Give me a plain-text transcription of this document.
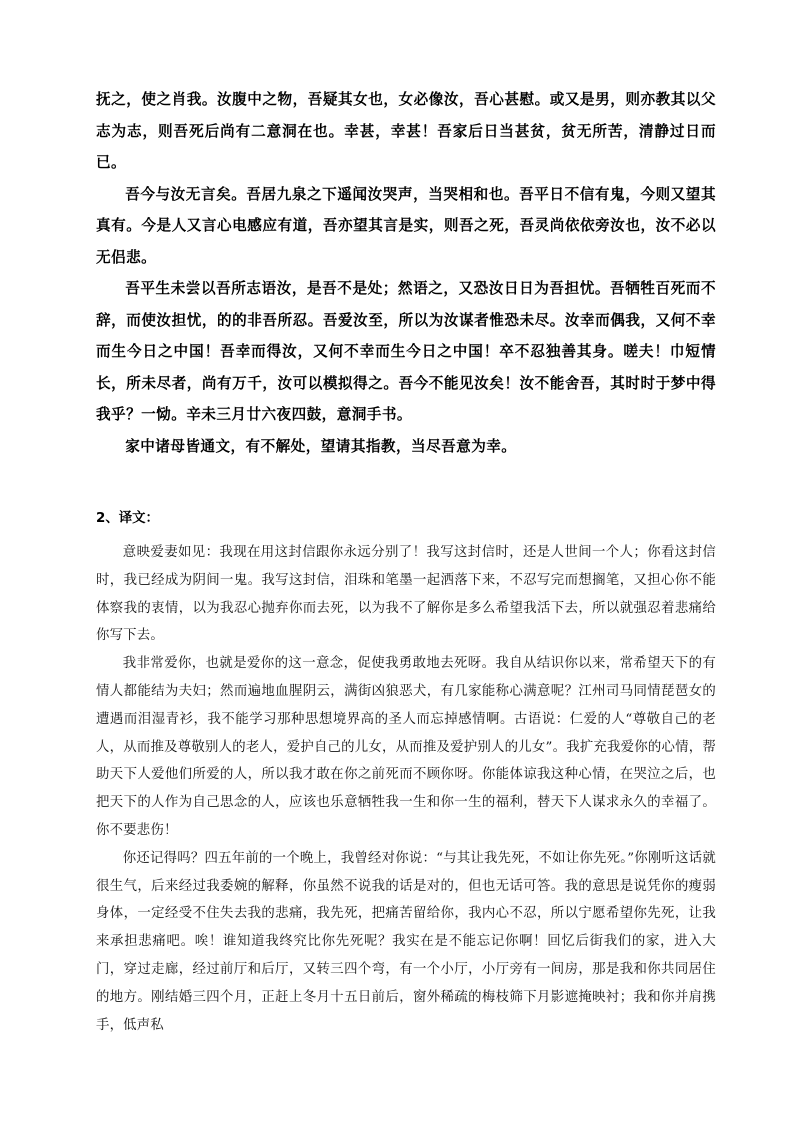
抚之，使之肖我。汝腹中之物，吾疑其女也，女必像汝，吾心甚慰。或又是男，则亦教其以父志为志，则吾死后尚有二意洞在也。幸甚，幸甚！吾家后日当甚贫，贫无所苦，清静过日而已。

吾今与汝无言矣。吾居九泉之下遥闻汝哭声，当哭相和也。吾平日不信有鬼，今则又望其真有。今是人又言心电感应有道，吾亦望其言是实，则吾之死，吾灵尚依依旁汝也，汝不必以无侣悲。

吾平生未尝以吾所志语汝，是吾不是处；然语之，又恐汝日日为吾担忧。吾牺牲百死而不辞，而使汝担忧，的的非吾所忍。吾爱汝至，所以为汝谋者惟恐未尽。汝幸而偶我，又何不幸而生今日之中国！吾幸而得汝，又何不幸而生今日之中国！卒不忍独善其身。嗟夫！巾短情长，所未尽者，尚有万千，汝可以模拟得之。吾今不能见汝矣！汝不能舍吾，其时时于梦中得我乎？一恸。辛未三月廿六夜四鼓，意洞手书。

家中诸母皆通文，有不解处，望请其指教，当尽吾意为幸。

2、译文：

意映爱妻如见：我现在用这封信跟你永远分别了！我写这封信时，还是人世间一个人；你看这封信时，我已经成为阴间一鬼。我写这封信，泪珠和笔墨一起洒落下来，不忍写完而想搁笔，又担心你不能体察我的衷情，以为我忍心抛弃你而去死，以为我不了解你是多么希望我活下去，所以就强忍着悲痛给你写下去。

我非常爱你，也就是爱你的这一意念，促使我勇敢地去死呀。我自从结识你以来，常希望天下的有情人都能结为夫妇；然而遍地血腥阴云，满街凶狼恶犬，有几家能称心满意呢？江州司马同情琵琶女的遭遇而泪湿青衫，我不能学习那种思想境界高的圣人而忘掉感情啊。古语说：仁爱的人“尊敬自己的老人，从而推及尊敬别人的老人，爱护自己的儿女，从而推及爱护别人的儿女”。我扩充我爱你的心情，帮助天下人爱他们所爱的人，所以我才敢在你之前死而不顾你呀。你能体谅我这种心情，在哭泣之后，也把天下的人作为自己思念的人，应该也乐意牺牲我一生和你一生的福利，替天下人谋求永久的幸福了。你不要悲伤！

你还记得吗？四五年前的一个晚上，我曾经对你说：“与其让我先死，不如让你先死。”你刚听这话就很生气，后来经过我委婉的解释，你虽然不说我的话是对的，但也无话可答。我的意思是说凭你的瘦弱身体，一定经受不住失去我的悲痛，我先死，把痛苦留给你，我内心不忍，所以宁愿希望你先死，让我来承担悲痛吧。唉！谁知道我终究比你先死呢？我实在是不能忘记你啊！回忆后街我们的家，进入大门，穿过走廊，经过前厅和后厅，又转三四个弯，有一个小厅，小厅旁有一间房，那是我和你共同居住的地方。刚结婚三四个月，正赶上冬月十五日前后，窗外稀疏的梅枝筛下月影遮掩映衬；我和你并肩携手，低声私
